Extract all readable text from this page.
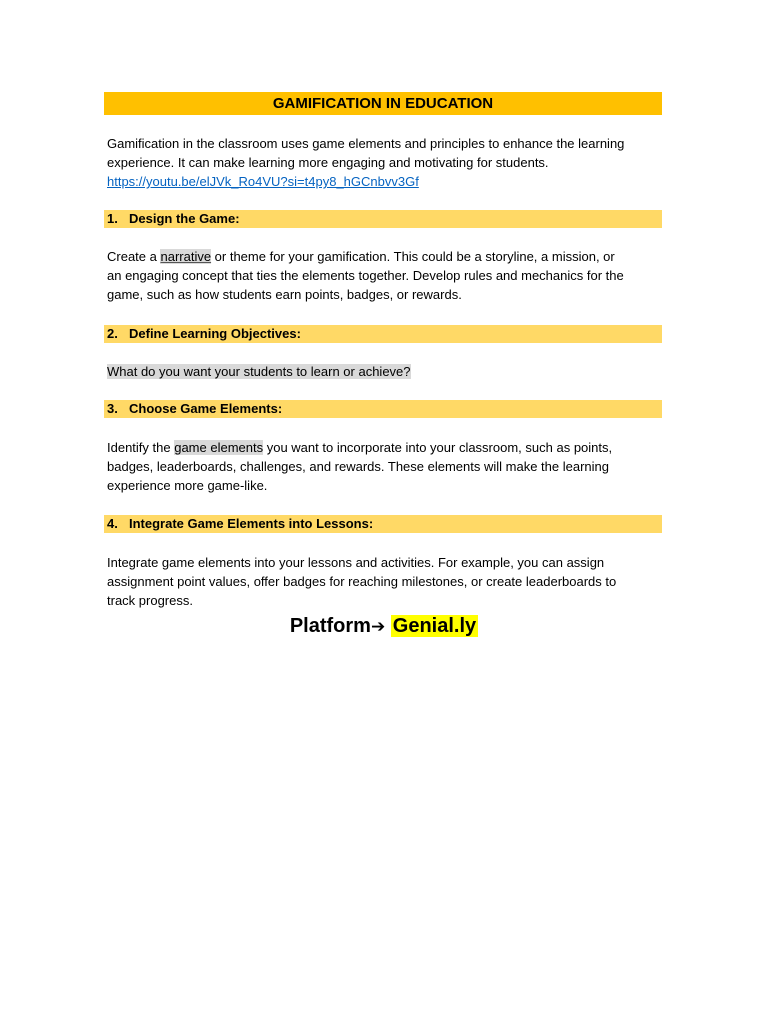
GAMIFICATION IN EDUCATION
Gamification in the classroom uses game elements and principles to enhance the learning
experience. It can make learning more engaging and motivating for students.
https://youtu.be/elJVk_Ro4VU?si=t4py8_hGCnbvv3Gf
1. Design the Game:
Create a narrative or theme for your gamification. This could be a storyline, a mission, or
an engaging concept that ties the elements together. Develop rules and mechanics for the
game, such as how students earn points, badges, or rewards.
2. Define Learning Objectives:
What do you want your students to learn or achieve?
3. Choose Game Elements:
Identify the game elements you want to incorporate into your classroom, such as points,
badges, leaderboards, challenges, and rewards. These elements will make the learning
experience more game-like.
4. Integrate Game Elements into Lessons:
Integrate game elements into your lessons and activities. For example, you can assign
assignment point values, offer badges for reaching milestones, or create leaderboards to
track progress.
Platform➔ Genial.ly
